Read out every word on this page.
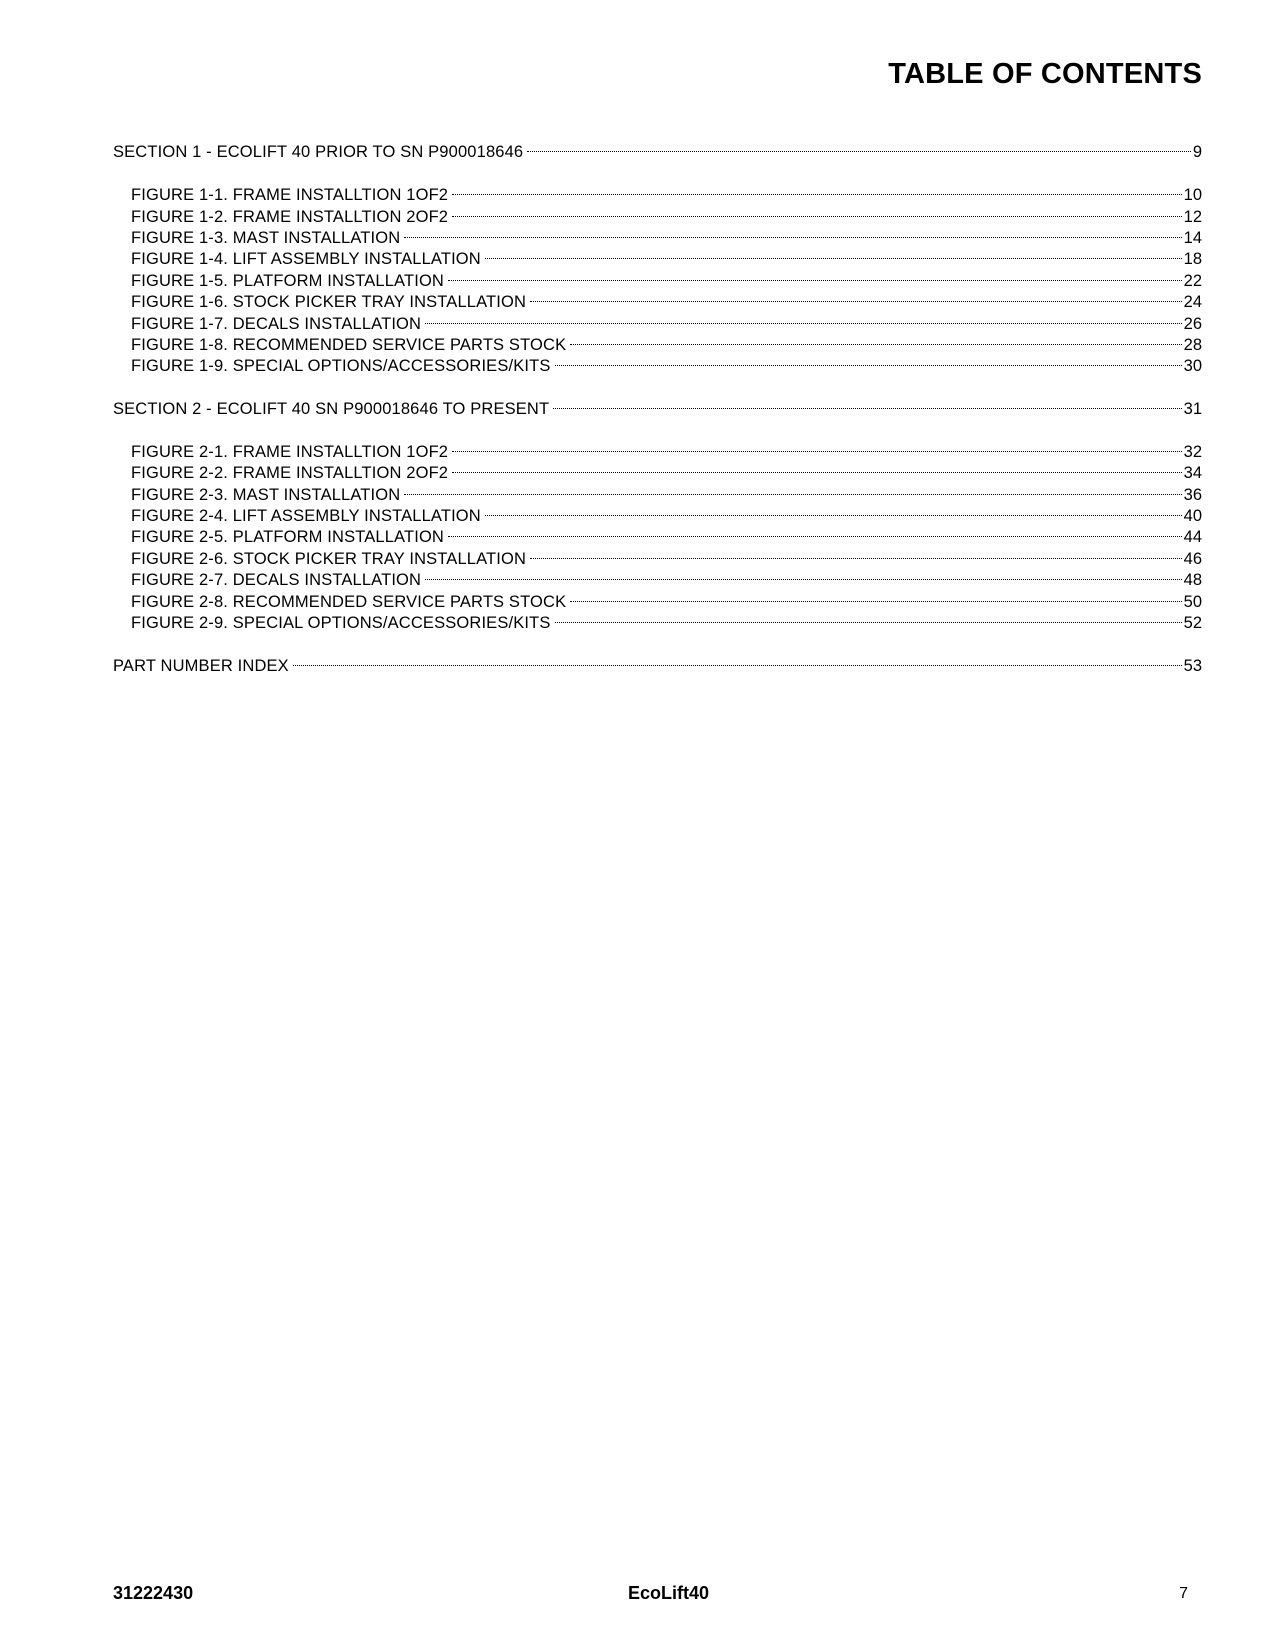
TABLE OF CONTENTS
SECTION 1 - ECOLIFT 40 PRIOR TO SN P900018646	9
FIGURE 1-1. FRAME INSTALLTION 1OF2	10
FIGURE 1-2. FRAME INSTALLTION 2OF2	12
FIGURE 1-3. MAST INSTALLATION	14
FIGURE 1-4. LIFT ASSEMBLY INSTALLATION	18
FIGURE 1-5. PLATFORM INSTALLATION	22
FIGURE 1-6. STOCK PICKER TRAY INSTALLATION	24
FIGURE 1-7. DECALS INSTALLATION	26
FIGURE 1-8. RECOMMENDED SERVICE PARTS STOCK	28
FIGURE 1-9. SPECIAL OPTIONS/ACCESSORIES/KITS	30
SECTION 2 - ECOLIFT 40 SN P900018646 TO PRESENT	31
FIGURE 2-1. FRAME INSTALLTION 1OF2	32
FIGURE 2-2. FRAME INSTALLTION 2OF2	34
FIGURE 2-3. MAST INSTALLATION	36
FIGURE 2-4. LIFT ASSEMBLY INSTALLATION	40
FIGURE 2-5. PLATFORM INSTALLATION	44
FIGURE 2-6. STOCK PICKER TRAY INSTALLATION	46
FIGURE 2-7. DECALS INSTALLATION	48
FIGURE 2-8. RECOMMENDED SERVICE PARTS STOCK	50
FIGURE 2-9. SPECIAL OPTIONS/ACCESSORIES/KITS	52
PART NUMBER INDEX	53
31222430	EcoLift40	7
